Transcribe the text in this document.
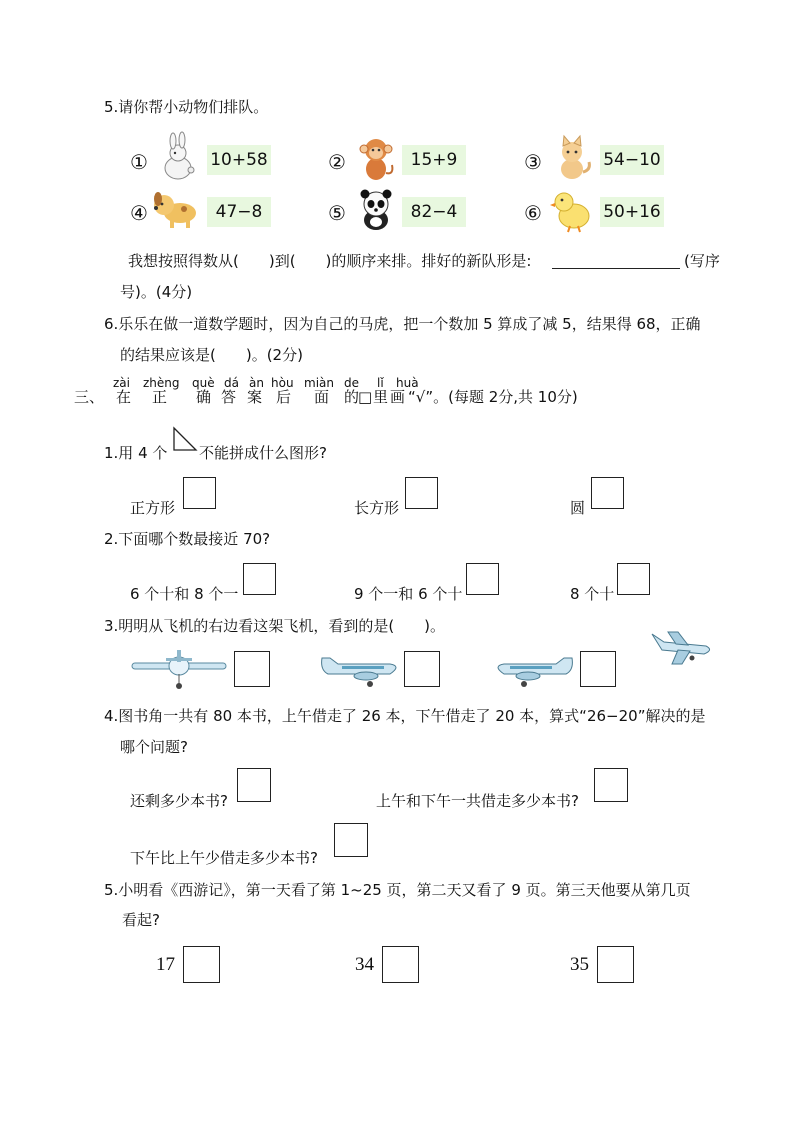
5.请你帮小动物们排队。
①	10+58	②	15+9	③	54−10
④	47−8	⑤	82−4	⑥	50+16
我想按照得数从(　　)到(　　)的顺序来排。排好的新队形是:	(写序
号)。(4分)
6.乐乐在做一道数学题时，因为自己的马虎，把一个数加 5 算成了减 5，结果得 68，正确
的结果应该是(　　)。(2分)
三、
zài zhèng què dá àn hòu miàn de lǐ huà
在 正 确 答 案 后 面 的
□ 里 画 “√”。(每题 2分,共 10分)
1.用 4 个 不能拼成什么图形?
正方形	长方形	圆
2.下面哪个数最接近 70?
6 个十和 8 个一	9 个一和 6 个十	8 个十
3.明明从飞机的右边看这架飞机，看到的是(　　)。
4.图书角一共有 80 本书，上午借走了 26 本，下午借走了 20 本，算式“26−20”解决的是
哪个问题?
还剩多少本书?	上午和下午一共借走多少本书?
下午比上午少借走多少本书?
5.小明看《西游记》，第一天看了第 1~25 页，第二天又看了 9 页。第三天他要从第几页
看起?
17	34	35
